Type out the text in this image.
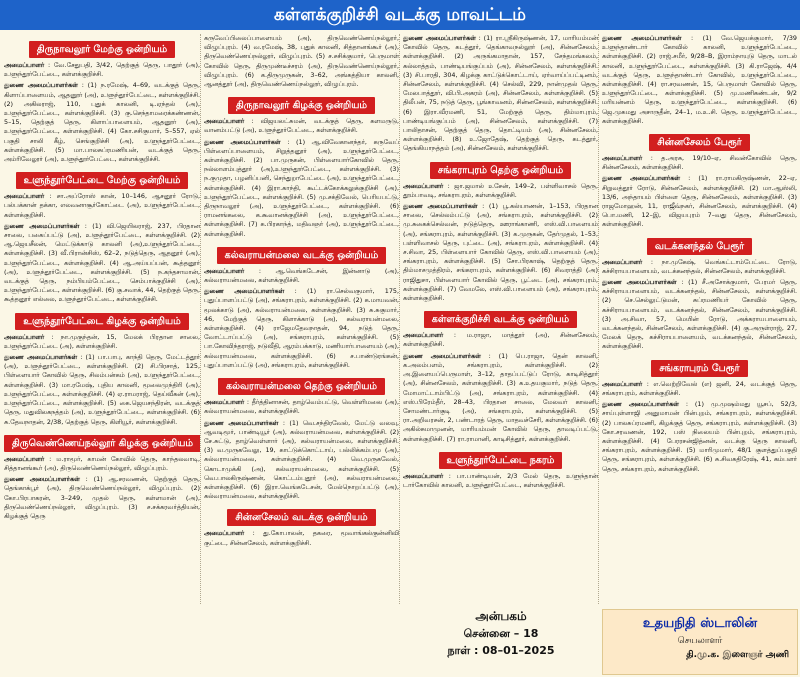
கள்ளக்குறிச்சி வடக்கு மாவட்டம்
திருநாவலூர் மேற்கு ஒன்றியம்
அமைப்பாளர் : வே.சேதுபதி, 3/42, தெற்குத் தெரு, பாதூர் (அ), உளுந்தூர்பேட்டை, கள்ளக்குறிச்சி.
துணை அமைப்பாளர்கள் : (1) ந.ரமேஷ், 4–69, வடக்குத் தெரு, கிளாப்பாளையம், ஆதனூர் (அ), உளுந்தூர்பேட்டை, கள்ளக்குறிச்சி. (2) அகிலராஜ், 110, புதுக் காலனி, டி.ஏந்தல் (அ), உளுந்தூர்பேட்டை, கள்ளக்குறிச்சி. (3) கு.செந்தாமரைக்கண்ணன், 5–15, தெற்குத் தெரு, கிளாப்பாளையம், ஆதனூர் (அ), உளுந்தூர்பேட்டை, கள்ளக்குறிச்சி. (4) கோ.சசிகுமார், 5–557, ஏல் பகுதி சாலி கீழ், செங்குறிச்சி (அ), உளுந்தூர்பேட்டை, கள்ளக்குறிச்சி. (5) மா.பாலசுப்ரமணியன், வடக்குத் தெரு, அம்ரிவேலூர் (அ), உளுந்தூர்பேட்டை, கள்ளக்குறிச்சி.
உளுந்தூர்பேட்டை மேற்கு ஒன்றியம்
அமைப்பாளர் : சா.அப்ரோஸ் கான், 10–146, ஆசனூர் ரோடு, பல்பக்கான் தக்கா, எலவனாசூர்கோட்டை (அ), உளுந்தூர்பேட்டை, கள்ளக்குறிச்சி.
துணை அமைப்பாளர்கள் : (1) வி.ஜெயிலராஜ், 237, பிரதான சாலை, பகைப்பட்டு (அ), உளுந்தூர்பேட்டை, கள்ளக்குறிச்சி. (2) ஆ.ஜெயசீலன், மெட்டுக்காடு காலனி (அ),உளுந்தூர்பேட்டை, கள்ளக்குறிச்சி. (3) வீ.பிரான்சிஸ், 62–2, நடுத்தெரு, ஆதனூர் (அ), உளுந்தூர்பேட்டை, கள்ளக்குறிச்சி. (4) ஆ.அய்யப்பன், கூத்தனூர் (அ), உளுந்தூர்பேட்டை, கள்ளக்குறிச்சி. (5) ந.கந்தசாமான், வடக்குத் தெரு, நம்பியம்பேட்டை, செம்பாக்குறிச்சி (அ), உளுந்தூர்பேட்டை, கள்ளக்குறிச்சி. (6) கு.சவாக், 44, தெற்குத் தெரு, கூத்தனூர் எல்லை, உளுந்தூர்பேட்டை, கள்ளக்குறிச்சி.
உளுந்தூர்பேட்டை கிழக்கு ஒன்றியம்
அமைப்பாளர் : நா.முகுந்தன், 15, மேலக் பிரதான சாலை, உளுந்தூர்பேட்டை (அ), கள்ளக்குறிச்சி.
துணை அமைப்பாளர்கள் : (1) பா.பாபு, காந்தி தெரு, மேட்டத்தூர் (அ), உளுந்தூர்பேட்டை, கள்ளக்குறிச்சி. (2) சி.பிரசாத், 125, பிள்ளையார் கோவில் தெரு, சிலம்பன்கம் (அ), உளுந்தூர்பேட்டை, கள்ளக்குறிச்சி. (3) மா.ரமேஷ், புதிய காலனி, மூலைமுந்திரி (அ), உளுந்தூர்பேட்டை, கள்ளக்குறிச்சி. (4) ஏ.ராமராஜ், தெய்வீகன் (அ), உளுந்தூர்பேட்டை, கள்ளக்குறிச்சி. (5) கை.ஜெயசந்திரன், வடக்குத் தெரு, மதுவிலகநத்தம் (அ), உளுந்தூர்பேட்டை, கள்ளக்குறிச்சி. (6) சு.தேவநாதன், 2/38, தெற்குத் தெரு, கிளியூர், கள்ளக்குறிச்சி.
திருவெண்ணெய்நல்லூர் கிழக்கு ஒன்றியம்
அமைப்பாளர் : ம.ராமூர், காமன் கோவில் தெரு, காந்தலவாடி, சித்தானங்கூர் (அ), திருவெண்ணெய்நல்லூர், விழுப்புரம்.
துணை அமைப்பாளர்கள் : (1) ஆ.சரவணன், தெற்குத் தெரு, தெங்காக்பூர் (அ), திருவெண்ணெய்நல்லூர், விழுப்புரம். (2) கோ.பிரபாகரன், 3–249, முதல் தெரு, கள்ளமான் (அ), திருவெண்ணெய்நல்லூர், விழுப்புரம். (3) ச.சக்கரவர்த்தியன், கிழக்குத் தெரு
கருவேப்பிலைப்பாளையம் (அ), திருவெண்ணெய்நல்லூர், விழுப்புரம். (4) வ.ரமேஷ், 38, புதுக் காலனி, சித்தானங்கூர் (அ), திருவெண்ணெய்நல்லூர், விழுப்புரம். (5) ச.சசிக்குமார், பெருமாள் கோவில் தெரு, திருமுண்டீச்சரம் (அ), திருவெண்ணெய்நல்லூர், விழுப்புரம். (6) க.திருமுருகன், 3–62, அங்கத்தியா காலனி, ஆனத்தூர் (அ), திருவெண்ணெய்நல்லூர், விழுப்புரம்.
திருநாவலூர் கிழக்கு ஒன்றியம்
அமைப்பாளர் : விஜயலட்சுமன், வடக்குத் தெரு, களமருடு, வானம்பட்டு (அ), உளுந்தூர்பேட்டை, கள்ளக்குறிச்சி.
துணை அமைப்பாளர்கள் : (1) ஆ.விவேகானந்தர், கருவேப் பிள்ளைப்பாளையம், சிறுத்தனூர் (அ), உளுந்தூர்பேட்டை, கள்ளக்குறிச்சி. (2) பா.முருகன், பிள்ளையார்கோவில் தெரு, நல்லாளம்புத்தூர் (அ),உளுந்தூர்பேட்டை, கள்ளக்குறிச்சி. (3) ந.குமுதா, பழனிப்பனி, செந்துறாபேட்டை (அ), உளுந்தூர்பேட்டை, கள்ளக்குறிச்சி. (4) இரா.காந்தி, கூட்டக்கோக்கலுக்குறிச்சி (அ), உளுந்தூர்பேட்டை, கள்ளக்குறிச்சி. (5) மு.சக்திவேல், பெரியபட்டு, திருநாவலூர் (அ), உளுந்தூர்பேட்டை, கள்ளக்குறிச்சி. (6) ராமனங்கலை, க.கூவானக்குறிச்சி (அ), உளுந்தூர்பேட்டை, கள்ளக்குறிச்சி. (7) க.பிரகாந்த், மதிவஞர் (அ), உளுந்தூர்பேட்டை, கள்ளக்குறிச்சி.
கல்வராயன்மலை வடக்கு ஒன்றியம்
அமைப்பாளர் : ஆ.வெங்கடேசன், இன்னாடு (அ), கல்வராயன்மலை, கள்ளக்குறிச்சி.
துணை அமைப்பாளர்கள் : (1) ரா.செல்வகுமார், 175, புதுப்பாளப்பட்டு (அ), சங்கராபுரம், கள்ளக்குறிச்சி. (2) க.மாயவன், மூலக்காடு (அ), கல்வராயன்மலை, கள்ளக்குறிச்சி. (3) சு.சுகுமார், 46, மேற்குத் தெரு, கிளாக்காடு (அ), கல்வராயன்மலை, கள்ளக்குறிச்சி. (4) ராஜேமதேவநாதன், 94, நடுத் தெரு, வோட்டாப்பட்டு (அ), சங்கராபுரம், கள்ளக்குறிச்சி. (5) பா.கோவிந்தராஜ், நடுவீதி, ஆரம்பக்காடு, மணியார்பாளையம் (அ), கல்வராயன்மலை, கள்ளக்குறிச்சி. (6) ச.பாண்டுரங்கன், புதுப்பாளப்பட்டு (அ), சங்கராபுரம், கள்ளக்குறிச்சி.
கல்வராயன்மலை தெற்கு ஒன்றியம்
அமைப்பாளர் : தீர்த்தினாசன், தாழ்வெம்பட்டு, வெள்ளிமலை (அ), கல்வராயன்மலை, கள்ளக்குறிச்சி.
துணை அமைப்பாளர்கள் : (1) வெ.சந்திரவேல், மேட்டு வலவு, ஆவடிமூர், பாண்டியூர் (அ), கல்வராயன்மலை, கள்ளக்குறிச்சி. (2) சே.சுட்டு, தாழ்வெள்ளார் (அ), கல்வராயன்மலை, கள்ளக்குறிச்சி. (3) வ.முருகவேலு, 19, காட்டுக்கொட்டாய், பல்லிக்கம்பமு (அ), கல்வராயன்மலை, கள்ளக்குறிச்சி. (4) வெ.முருகவேல், கொடாமுக்கி (அ), கல்வராயன்மலை, கள்ளக்குறிச்சி. (5) வெ.பாலகிருஷ்ணன், கொட்டம்புதூர் (அ), கல்வராயன்மலை, கள்ளக்குறிச்சி. (6) இரா.வெங்கடேசன், மேல்நொறப்பட்டு (அ), கல்வராயன்மலை, கள்ளக்குறிச்சி.
சின்னசேலம் வடக்கு ஒன்றியம்
அமைப்பாளர் : து.கோபாலன், தகரை, மூவாங்கல்குன்னிவி குட்டை, சின்னசேலம், கள்ளக்குறிச்சி.
துணை அமைப்பாளர்கள் : (1) ரா.ஸ்ரீகிருஷ்ணன், 17, மாரியம்மன் கோவில் தெரு, கடத்தூர், தெங்காவநல்லூர் (அ), சின்னசேலம், கள்ளக்குறிச்சி. (2) அருங்கமாதான், 157, சேந்தமங்கலம், கல்லாத்தம், பாண்டியங்குப்பம் (அ), சின்னசேலம், கள்ளக்குறிச்சி. (3) சி.பாரதி, 304, கிழக்கு காட்டுக்கொட்டாய், ஏர்வாய்ப்பட்டினம், சின்னசேலம், கள்ளக்குறிச்சி. (4) செல்வி, 229, நான்முதல் தெரு, மேலபாத்தூர், வி.பி.அகரம் (அ), சின்னசேலம், கள்ளக்குறிச்சி. (5) திலீபன், 75, நடுத் தெரு, பூங்காவனம், சின்னசேலம், கள்ளக்குறிச்சி. (6) இரா.வீரமணி, 51, மேற்குத் தெரு, திம்மாபுரம், பாண்டியங்குப்பம் (அ), சின்னசேலம், கள்ளக்குறிச்சி. (7) பாலிதாசன், தெற்குத் தெரு, தொட்டியம் (அ), சின்னசேலம், கள்ளக்குறிச்சி. (8) உ.ஜோதேஷ், தெற்குத் தெரு, கடத்தூர், தெங்கியாநத்தம் (அ), சின்னசேலம், கள்ளக்குறிச்சி.
சங்கராபுரம் தெற்கு ஒன்றியம்
அமைப்பாளர் : ஜா.ஜமால் உசேன், 149–2, பள்ளிவாசல் தெரு, தூம்பாவடி, சங்கராபுரம், கள்ளக்குறிச்சி.
துணை அமைப்பாளர்கள் : (1) பூ.கல்யாணன், 1–153, பிரதான சாலை, செல்லம்பட்டு (அ), சங்கராபுரம், கள்ளக்குறிச்சி. (2) மு.சுகைக்செல்வன், நடுத்தெரு, ஊராங்காணி, எஸ்.வி.பாளையம் (அ), சங்கராபுரம், கள்ளக்குறிச்சி. (3) க.முருகன், தேர்முதல், 1–53, பள்ளிவாசல் தெரு, புட்டை (அ), சங்கராபுரம், கள்ளக்குறிச்சி. (4) ச.சிவா, 25, பிள்ளையார் கோவில் தெரு, எஸ்.வி.பாளையம் (அ), சங்கராபுரம், கள்ளக்குறிச்சி. (5) சோ.பிரகாஷ், தெற்குத் தெரு, திம்மாசமுத்திரம், சங்கராபுரம், கள்ளக்குறிச்சி. (6) சிவராத்தி (அ) ராஜிதுசா, பிள்ளையார் கோவில் தெரு, பூட்டை (அ), சங்கராபுரம், கள்ளக்குறிச்சி. (7) வேமலே, எஸ்.வி.பாளையம் (அ), சங்கராபுரம், கள்ளக்குறிச்சி.
கள்ளக்குறிச்சி வடக்கு ஒன்றியம்
அமைப்பாளர் : ம.ராஜா, மாத்தூர் (அ), சின்னசேலம், கள்ளக்குறிச்சி.
துணை அமைப்பாளர்கள் : (1) பெ.ராஜா, தென் காலனி, க.அலம்பளம், சங்கராபுரம், கள்ளக்குறிச்சி. (2) அ.இளையப்பெருமாள், 3–12, தாதப்பட்டுப் ரோடு, காடிசித்தூர் (அ), சின்னசேலம், கள்ளக்குறிச்சி. (3) க.உதயகுமார், நடுத் தெரு, மோமாட்டாம்பிட்டு (அ), சங்கராபுரம், கள்ளக்குறிச்சி. (4) எஸ்.பிரேம்தீர், 28–43, பிரதான சாலை, மேலவர் காலனி, சோமண்டார்குடி (அ), சங்கராபுரம், கள்ளக்குறிச்சி. (5) ரா.அறிவரசன், 2, பண்டாரத் தெரு, மாதவச்சேரி, கள்ளக்குறிச்சி. (6) அகில்சுமாமுனன், மாரியம்மன் கோவில் தெரு, தாவடிப்பட்டு, கள்ளக்குறிச்சி. (7) ரா.ராமானி, காடிசித்தூர், கள்ளக்குறிச்சி.
உளுந்தூர்பேட்டை நகரம்
அமைப்பாளர் : பா.பாண்டியன், 2/3 மேல் தெரு, உளுந்தான் டார்கோவில் காலனி, உளுந்தூர்பேட்டை, கள்ளக்குறிச்சி.
துணை அமைப்பாளர்கள் : (1) வே.ஜெயக்குமார், 7/39 உளுந்தாண்டார் கோவில் காலனி, உளுந்தூர்பேட்டை, கள்ளக்குறிச்சி. (2) ராஜ்.சமீர், 9/28–B, இராம்நாயுடு தெரு, மாடல் காலனி, உளுந்தூர்பேட்டை, கள்ளக்குறிச்சி. (3) கி.ராஜேஷ், 4/4 வடக்குத் தெரு, உளுந்தாண்டார் கோவில், உளுந்தூர்பேட்டை, கள்ளக்குறிச்சி. (4) ரா.சரவணன், 15, பெருமாள் கோவில் தெரு, உளுந்தூர்பேட்டை, கள்ளக்குறிச்சி. (5) மு.மணிகண்டன், 9/2 மரியன்னம் தெரு, உளுந்தூர்பேட்டை, கள்ளக்குறிச்சி. (6) ஜெ.முகமது அசாருதீன், 24–1, ம.உ.சி. தெரு, உளுந்தூர்பேட்டை, கள்ளக்குறிச்சி.
சின்னசேலம் பேரூர்
அமைப்பாளர் : த.அரசு, 19/10–ஏ, சிவன்கோவில் தெரு, சின்னசேலம், கள்ளக்குறிச்சி.
துணை அமைப்பாளர்கள் : (1) ரா.ராமகிருஷ்ணன், 22–ஏ, சிறுவத்தூர் ரோடு, சின்னசேலம், கள்ளக்குறிச்சி. (2) மா.ஆஸ்லி, 13/6, அந்தாயம் பிள்ளை தெரு, சின்னசேலம், கள்ளக்குறிச்சி. (3) ராஜமோஹன், 11, ராஜீவ்நகர், சின்னசேலம், கள்ளக்குறிச்சி. (4) பொ.மணி, 12–இ, விஜயபுரம் 7–வது தெரு, சின்னசேலம், கள்ளக்குறிச்சி.
வடக்கனந்தல் பேரூர்
அமைப்பாளர் : நா.முகேஷ், வெங்கட்டாம்பேட்டை ரோடு, கச்சிராயபாளையம், வடக்கனந்தல், சின்னசேலம், கள்ளக்குறிச்சி.
துணை அமைப்பாளர்கள் : (1) சீ.அசோக்குமார், பேரமர் தெரு, கச்சிராயபாளையம், வடக்கனந்தல், சின்னசேலம், கள்ளக்குறிச்சி. (2) செ.செல்லுட்டுமன், சுப்ரமணியர் கோவில் தெரு, கச்சிராயபாளையம், வடக்கனந்தல், சின்னசேலம், கள்ளக்குறிச்சி. (3) அ.சிவா, 57, மெயின் ரோடு, அக்கராயபாளையம், வடக்கனந்தல், சின்னசேலம், கள்ளக்குறிச்சி. (4) கு.அருள்ராஜ், 27, மேலக் தெரு, கச்சிராயபாளையம், வடக்கனந்தல், சின்னசேலம், கள்ளக்குறிச்சி.
சங்கராபுரம் பேரூர்
அமைப்பாளர் : எ.வெற்றிவேல் (எ) ஜனி, 24, வடக்குத் தெரு, சங்கராபுரம், கள்ளக்குறிச்சி.
துணை அமைப்பாளர்கள் : (1) மு.முஷம்மது யூசப், 52/3, சாய்புள்ளாஜி அனுமாமன் பின்புறம், சங்கராபுரம், கள்ளக்குறிச்சி. (2) பாலசுப்ரமணி, கிழக்குத் தெரு, சங்கராபுரம், கள்ளக்குறிச்சி. (3) கோ.சரவணன், 192, பஸ் நிலையம் பின்புறம், சங்கராபுரம், கள்ளக்குறிச்சி. (4) பேரரசன்ஜித்னன், வடக்கு தெரு காலனி, சங்கராபுரம், கள்ளக்குறிச்சி. (5) மாரிமுமார், 48/1 குளத்துப்பகுதி தெரு, சங்கராபுரம், கள்ளக்குறிச்சி. (6) சு.சிவகதிரேஷ், 41, கம்பளர் தெரு, சங்கராபுரம், கள்ளக்குறிச்சி.
அன்பகம்
சென்னை – 18
நாள் : 08–01–2025
உதயநிதி ஸ்டாலின்
செயலாளர்
தி.மு.க. இளைஞர் அணி
